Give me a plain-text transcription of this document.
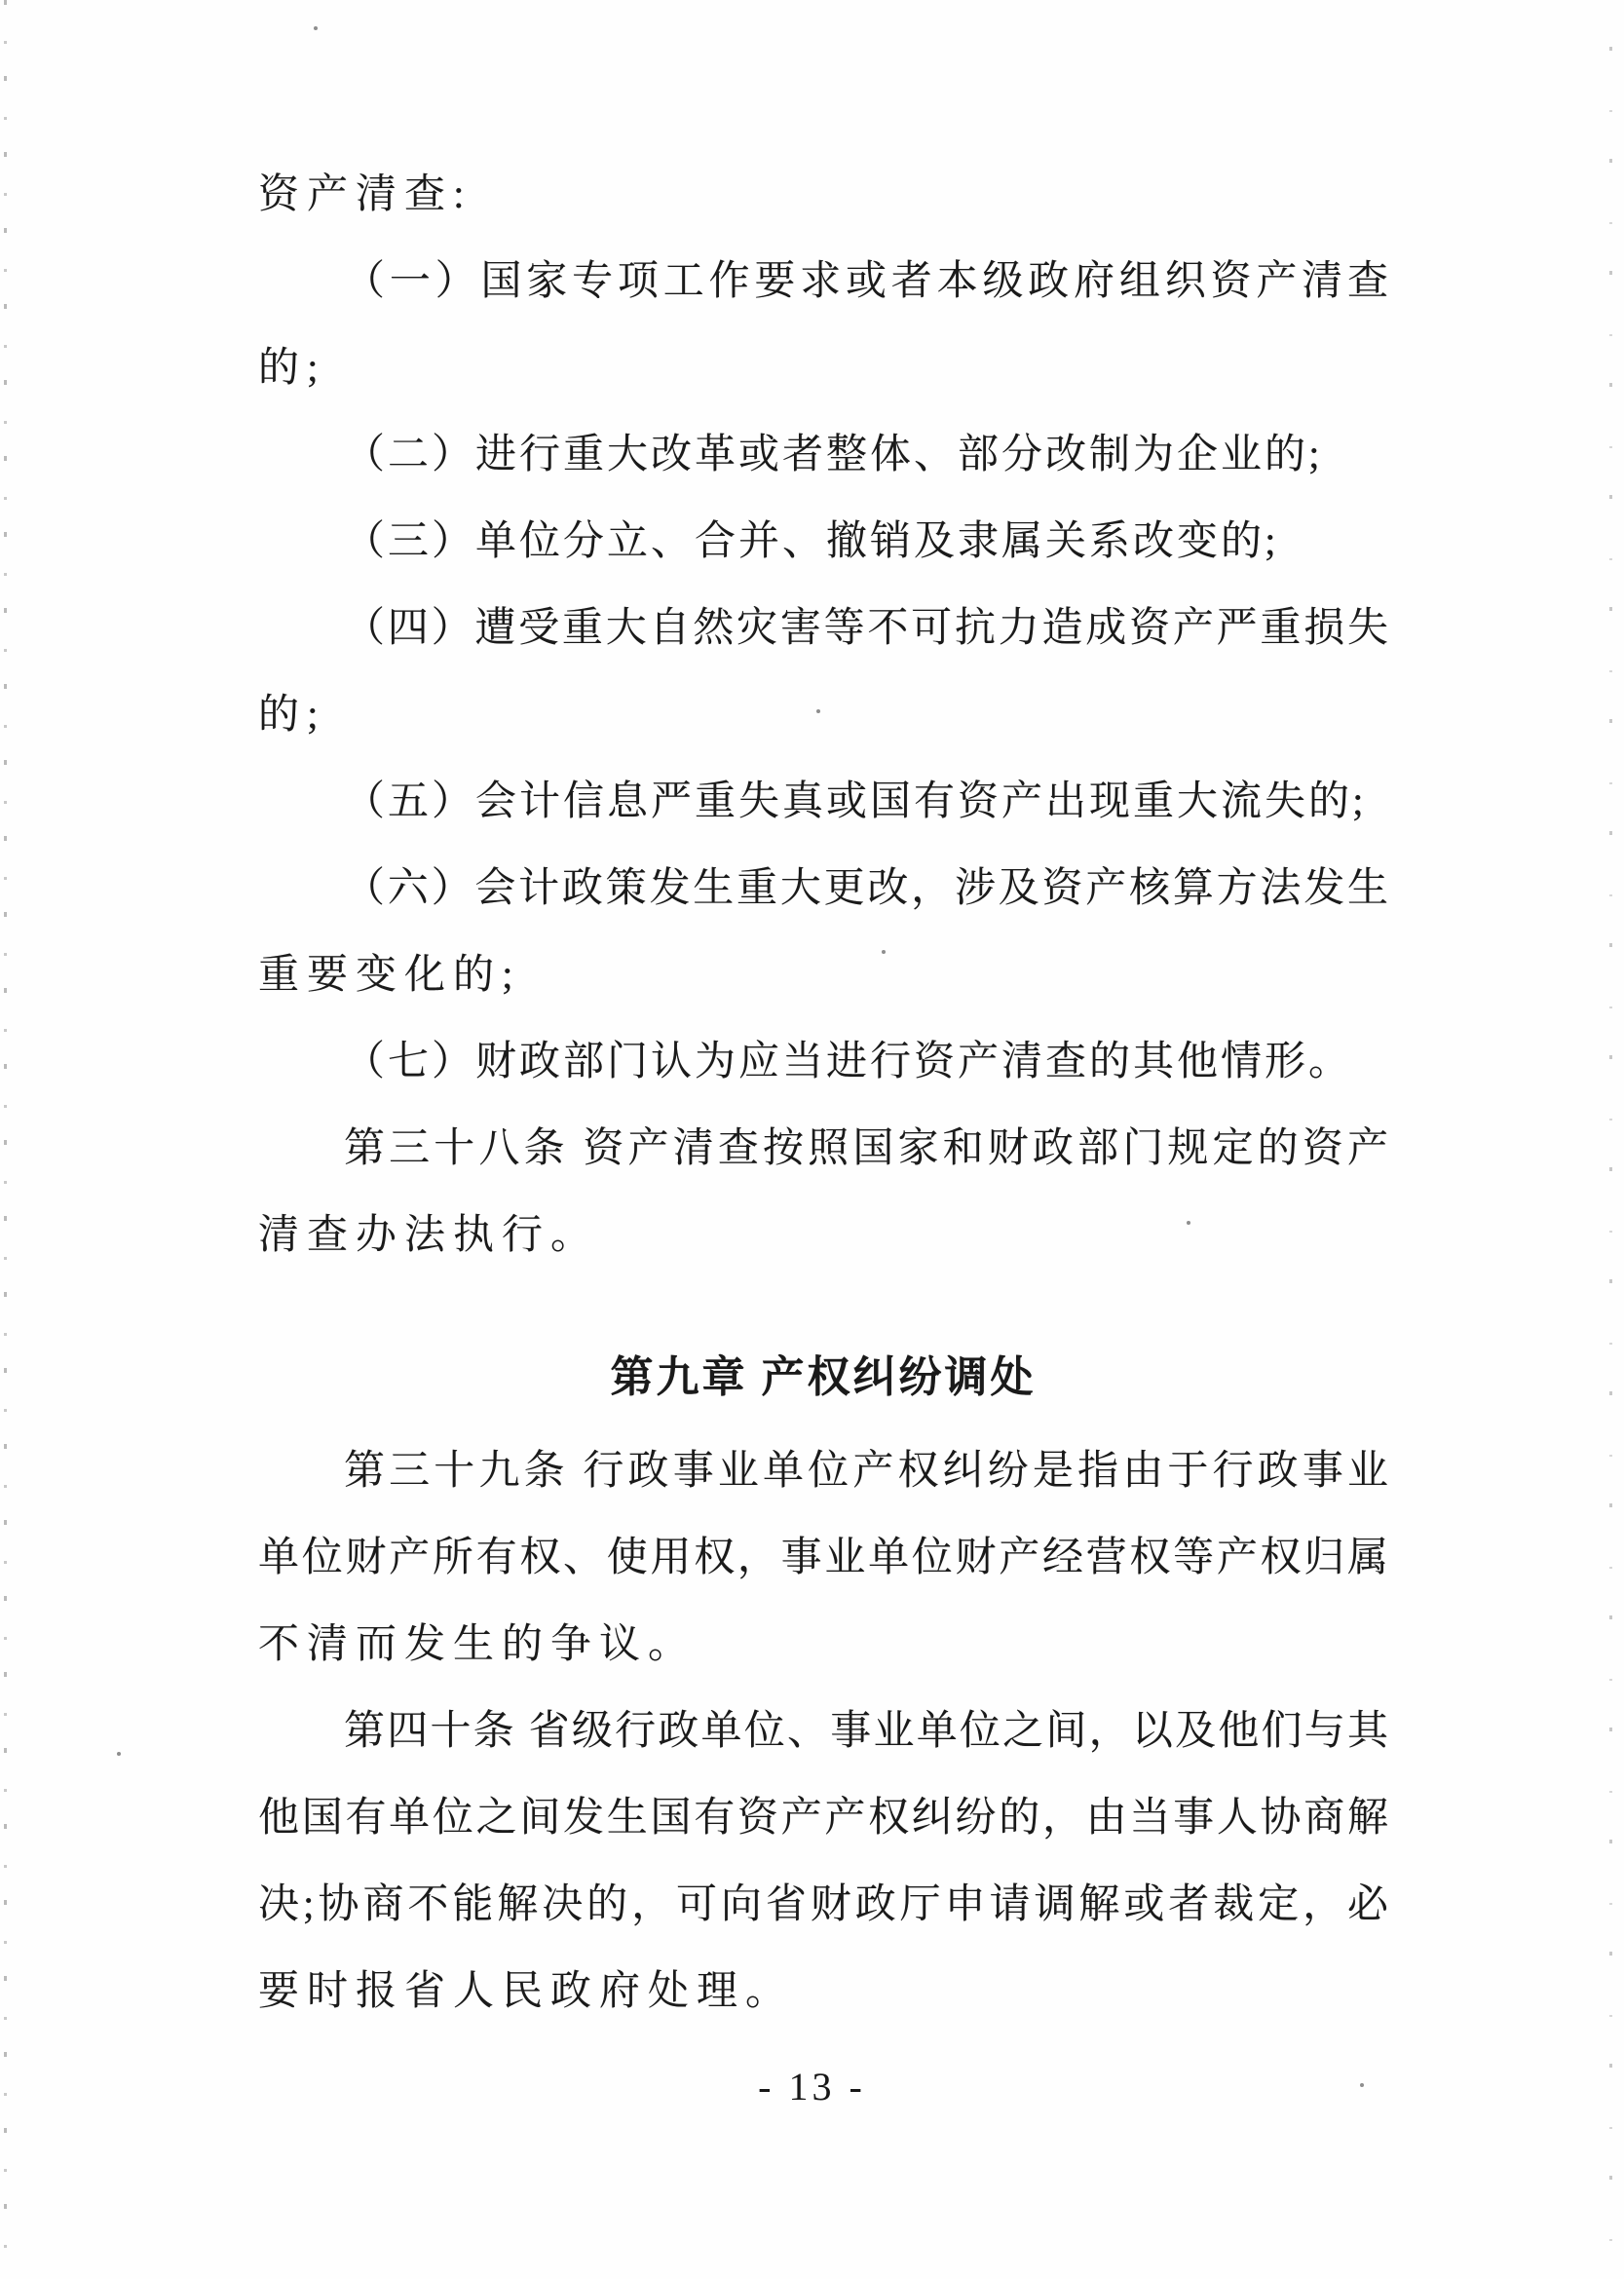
资产清查:
（一）国家专项工作要求或者本级政府组织资产清查
的;
（二）进行重大改革或者整体、部分改制为企业的;
（三）单位分立、合并、撤销及隶属关系改变的;
（四）遭受重大自然灾害等不可抗力造成资产严重损失
的;
（五）会计信息严重失真或国有资产出现重大流失的;
（六）会计政策发生重大更改，涉及资产核算方法发生
重要变化的;
（七）财政部门认为应当进行资产清查的其他情形。
第三十八条 资产清查按照国家和财政部门规定的资产
清查办法执行。
第九章 产权纠纷调处
第三十九条 行政事业单位产权纠纷是指由于行政事业
单位财产所有权、使用权，事业单位财产经营权等产权归属
不清而发生的争议。
第四十条 省级行政单位、事业单位之间，以及他们与其
他国有单位之间发生国有资产产权纠纷的，由当事人协商解
决;协商不能解决的，可向省财政厅申请调解或者裁定，必
要时报省人民政府处理。
- 13 -
